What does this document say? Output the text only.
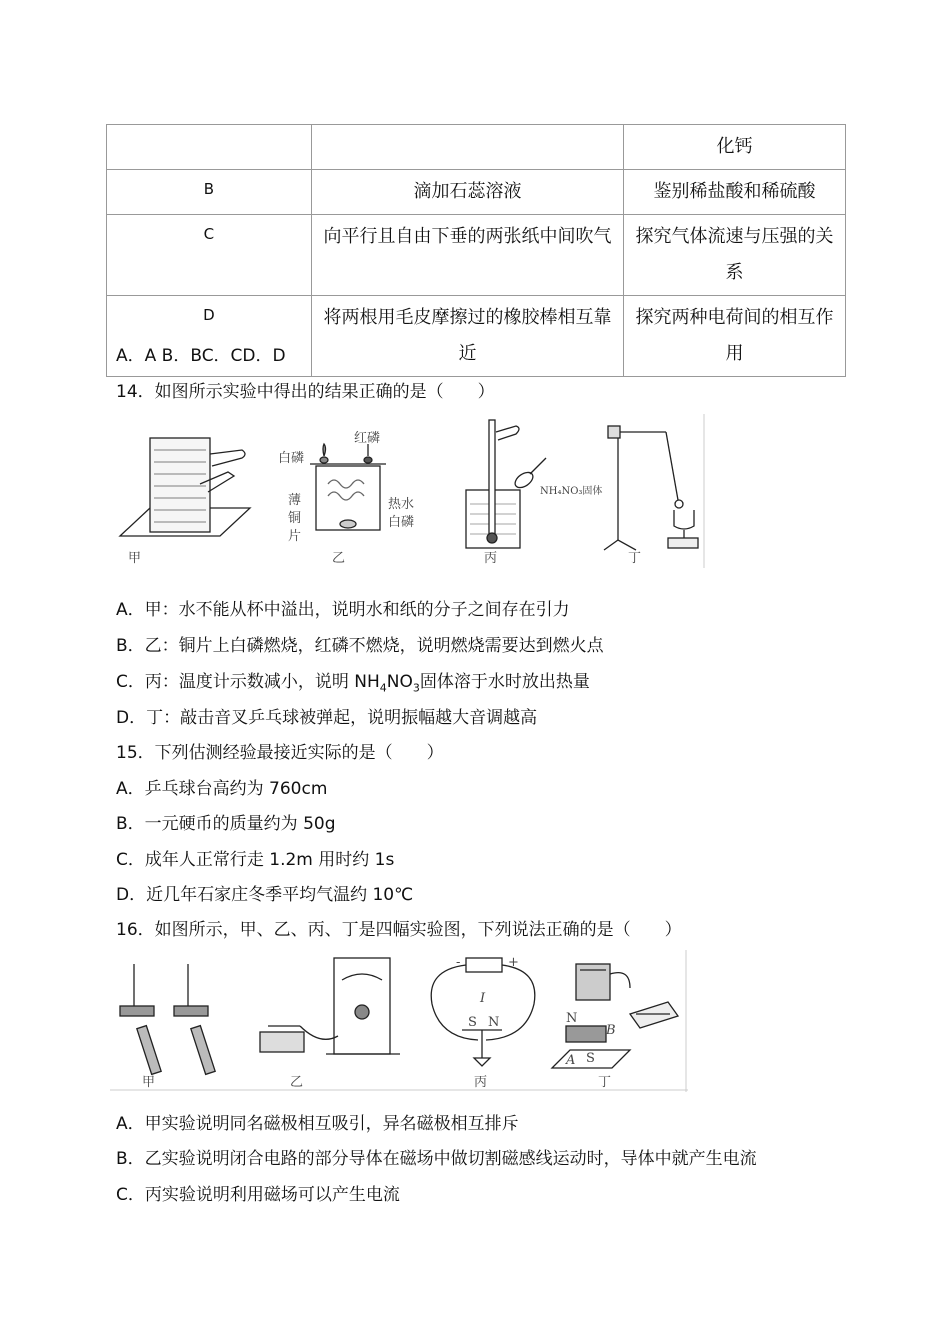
		化钙
B	滴加石蕊溶液	鉴别稀盐酸和稀硫酸
C	向平行且自由下垂的两张纸中间吹气	探究气体流速与压强的关系
D	将两根用毛皮摩擦过的橡胶棒相互靠近	探究两种电荷间的相互作用
A．A B．BC．CD．D
14．如图所示实验中得出的结果正确的是（　　）
甲
红磷
白磷
薄 铜 片
热水
白磷
乙
NH₄NO₃固体
丙	丁
A．甲：水不能从杯中溢出，说明水和纸的分子之间存在引力
B．乙：铜片上白磷燃烧，红磷不燃烧，说明燃烧需要达到燃火点
C．丙：温度计示数减小，说明 $NH_4NO_3$固体溶于水时放出热量
D．丁：敲击音叉乒乓球被弹起，说明振幅越大音调越高
15．下列估测经验最接近实际的是（　　）
A．乒乓球台高约为 760cm
B．一元硬币的质量约为 50g
C．成年人正常行走 1.2m 用时约 1s
D．近几年石家庄冬季平均气温约 10℃
16．如图所示，甲、乙、丙、丁是四幅实验图，下列说法正确的是（　　）
甲	乙
-	+
I
S N
丙
N
B
A S
丁
A．甲实验说明同名磁极相互吸引，异名磁极相互排斥
B．乙实验说明闭合电路的部分导体在磁场中做切割磁感线运动时，导体中就产生电流
C．丙实验说明利用磁场可以产生电流
